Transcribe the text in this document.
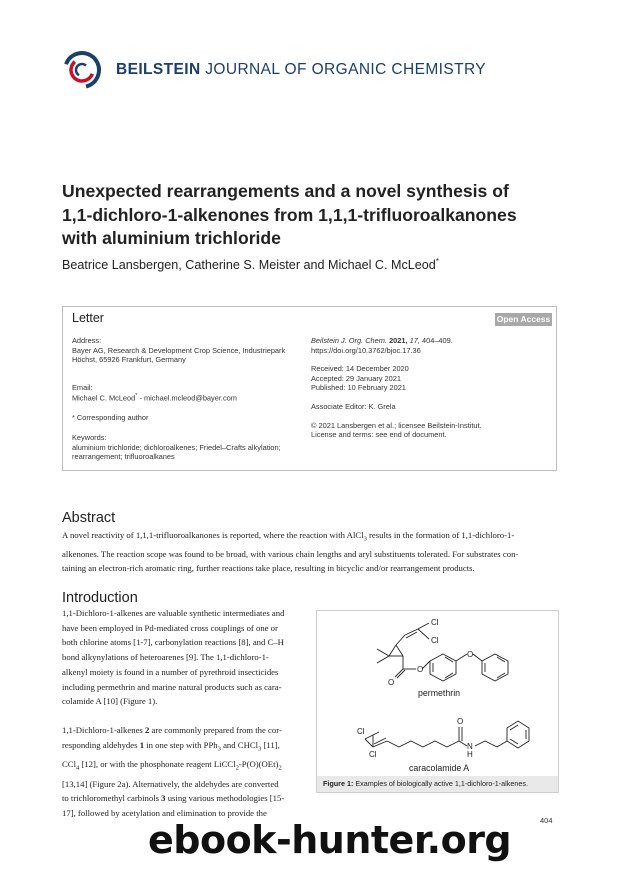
BEILSTEIN JOURNAL OF ORGANIC CHEMISTRY
Unexpected rearrangements and a novel synthesis of
1,1-dichloro-1-alkenones from 1,1,1-trifluoroalkanones
with aluminium trichloride
Beatrice Lansbergen, Catherine S. Meister and Michael C. McLeod*
Letter	Open Access

Address:

Bayer AG, Research & Development Crop Science, Industriepark

Höchst, 65926 Frankfurt, Germany

Email:

Michael C. McLeod* - michael.mcleod@bayer.com

* Corresponding author

Keywords:

aluminium trichloride; dichloroalkenes; Friedel–Crafts alkylation;

rearrangement; trifluoroalkanes

Beilstein J. Org. Chem. 2021, 17, 404–409.

https://doi.org/10.3762/bjoc.17.36

Received: 14 December 2020

Accepted: 29 January 2021

Published: 10 February 2021

Associate Editor: K. Grela

© 2021 Lansbergen et al.; licensee Beilstein-Institut.

License and terms: see end of document.

Abstract
A novel reactivity of 1,1,1-trifluoroalkanones is reported, where the reaction with AlCl$_3$ results in the formation of 1,1-dichloro-1-
alkenones. The reaction scope was found to be broad, with various chain lengths and aryl substituents tolerated. For substrates con-
taining an electron-rich aromatic ring, further reactions take place, resulting in bicyclic and/or rearrangement products.
Introduction

1,1-Dichloro-1-alkenes are valuable synthetic intermediates and

have been employed in Pd-mediated cross couplings of one or

both chlorine atoms [1-7], carbonylation reactions [8], and C–H

bond alkynylations of heteroarenes [9]. The 1,1-dichloro-1-

alkenyl moiety is found in a number of pyrethroid insecticides

including permethrin and marine natural products such as cara-

colamide A [10] (Figure 1).

1,1-Dichloro-1-alkenes 2 are commonly prepared from the cor-

responding aldehydes 1 in one step with PPh$_3$ and CHCl$_3$ [11],

CCl$_4$ [12], or with the phosphonate reagent $LiCCl_2-P(O)(OEt)_2$

[13,14] (Figure 2a). Alternatively, the aldehydes are converted

to trichloromethyl carbinols 3 using various methodologies [15-

17], followed by acetylation and elimination to provide the

Cl
Cl
O
O
O
Cl
Cl
O
N
H
permethrin
caracolamide A
Figure 1: Examples of biologically active 1,1-dichloro-1-alkenes.
404
ebook-hunter.org
